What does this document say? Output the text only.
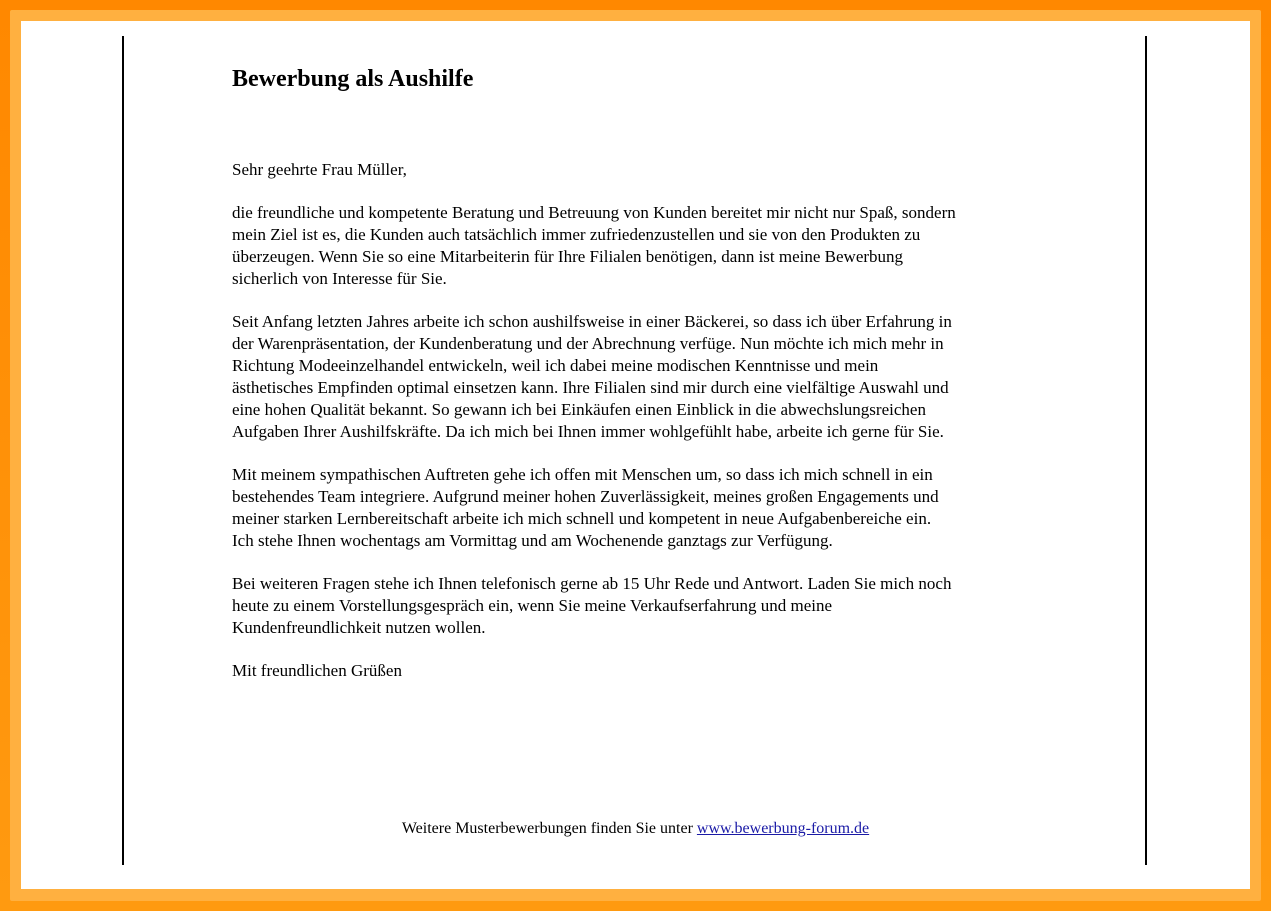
Bewerbung als Aushilfe

Sehr geehrte Frau Müller,

die freundliche und kompetente Beratung und Betreuung von Kunden bereitet mir nicht nur Spaß, sondern
mein Ziel ist es, die Kunden auch tatsächlich immer zufriedenzustellen und sie von den Produkten zu
überzeugen. Wenn Sie so eine Mitarbeiterin für Ihre Filialen benötigen, dann ist meine Bewerbung
sicherlich von Interesse für Sie.

Seit Anfang letzten Jahres arbeite ich schon aushilfsweise in einer Bäckerei, so dass ich über Erfahrung in
der Warenpräsentation, der Kundenberatung und der Abrechnung verfüge. Nun möchte ich mich mehr in
Richtung Modeeinzelhandel entwickeln, weil ich dabei meine modischen Kenntnisse und mein
ästhetisches Empfinden optimal einsetzen kann. Ihre Filialen sind mir durch eine vielfältige Auswahl und
eine hohen Qualität bekannt. So gewann ich bei Einkäufen einen Einblick in die abwechslungsreichen
Aufgaben Ihrer Aushilfskräfte. Da ich mich bei Ihnen immer wohlgefühlt habe, arbeite ich gerne für Sie.

Mit meinem sympathischen Auftreten gehe ich offen mit Menschen um, so dass ich mich schnell in ein
bestehendes Team integriere. Aufgrund meiner hohen Zuverlässigkeit, meines großen Engagements und
meiner starken Lernbereitschaft arbeite ich mich schnell und kompetent in neue Aufgabenbereiche ein.
Ich stehe Ihnen wochentags am Vormittag und am Wochenende ganztags zur Verfügung.

Bei weiteren Fragen stehe ich Ihnen telefonisch gerne ab 15 Uhr Rede und Antwort. Laden Sie mich noch
heute zu einem Vorstellungsgespräch ein, wenn Sie meine Verkaufserfahrung und meine
Kundenfreundlichkeit nutzen wollen.

Mit freundlichen Grüßen

Weitere Musterbewerbungen finden Sie unter www.bewerbung-forum.de
